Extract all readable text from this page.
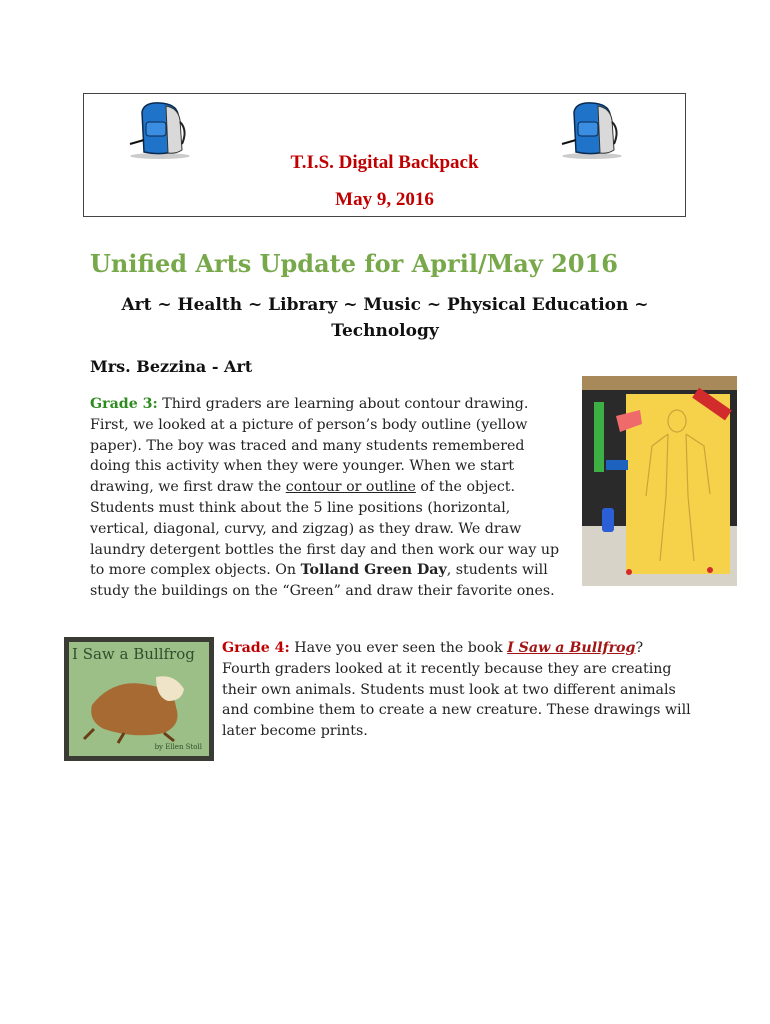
T.I.S. Digital Backpack
May 9, 2016
Unified Arts Update for April/May 2016
Art ~ Health ~ Library ~ Music ~ Physical Education ~
Technology
Mrs. Bezzina - Art
Grade 3: Third graders are learning about contour drawing. First, we looked at a picture of person’s body outline (yellow paper). The boy was traced and many students remembered doing this activity when they were younger. When we start drawing, we first draw the contour or outline of the object. Students must think about the 5 line positions (horizontal, vertical, diagonal, curvy, and zigzag) as they draw. We draw laundry detergent bottles the first day and then work our way up to more complex objects. On Tolland Green Day, students will study the buildings on the “Green” and draw their favorite ones.
I Saw a Bullfrog
by Ellen Stoll
Grade 4: Have you ever seen the book I Saw a Bullfrog? Fourth graders looked at it recently because they are creating their own animals. Students must look at two different animals and combine them to create a new creature. These drawings will later become prints.
